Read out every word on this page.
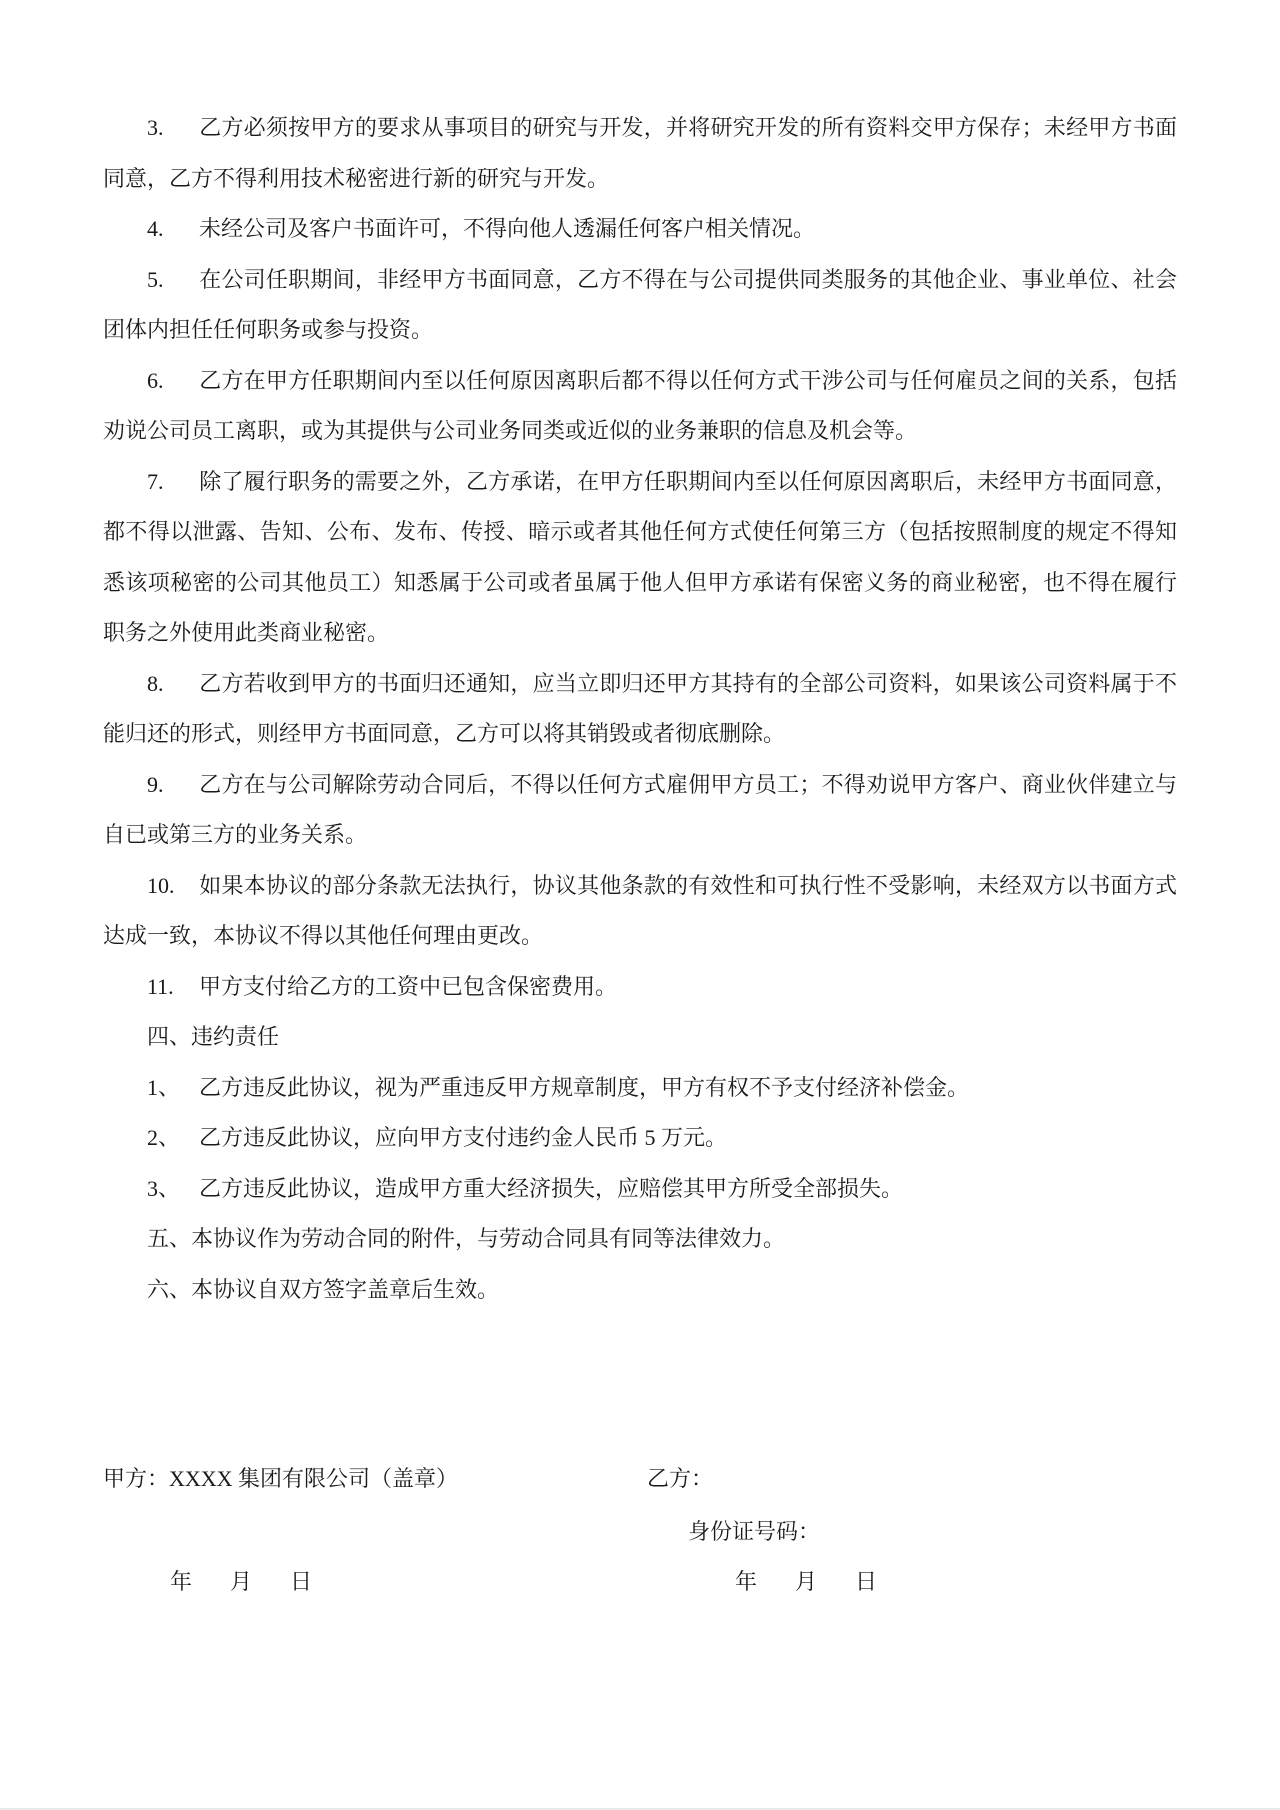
3. 乙方必须按甲方的要求从事项目的研究与开发，并将研究开发的所有资料交甲方保存；未经甲方书面同意，乙方不得利用技术秘密进行新的研究与开发。

4. 未经公司及客户书面许可，不得向他人透漏任何客户相关情况。

5. 在公司任职期间，非经甲方书面同意，乙方不得在与公司提供同类服务的其他企业、事业单位、社会团体内担任任何职务或参与投资。

6. 乙方在甲方任职期间内至以任何原因离职后都不得以任何方式干涉公司与任何雇员之间的关系，包括劝说公司员工离职，或为其提供与公司业务同类或近似的业务兼职的信息及机会等。

7. 除了履行职务的需要之外，乙方承诺，在甲方任职期间内至以任何原因离职后，未经甲方书面同意，都不得以泄露、告知、公布、发布、传授、暗示或者其他任何方式使任何第三方（包括按照制度的规定不得知悉该项秘密的公司其他员工）知悉属于公司或者虽属于他人但甲方承诺有保密义务的商业秘密，也不得在履行职务之外使用此类商业秘密。

8. 乙方若收到甲方的书面归还通知，应当立即归还甲方其持有的全部公司资料，如果该公司资料属于不能归还的形式，则经甲方书面同意，乙方可以将其销毁或者彻底删除。

9. 乙方在与公司解除劳动合同后，不得以任何方式雇佣甲方员工；不得劝说甲方客户、商业伙伴建立与自已或第三方的业务关系。

10. 如果本协议的部分条款无法执行，协议其他条款的有效性和可执行性不受影响，未经双方以书面方式达成一致，本协议不得以其他任何理由更改。

11. 甲方支付给乙方的工资中已包含保密费用。

四、违约责任

1、 乙方违反此协议，视为严重违反甲方规章制度，甲方有权不予支付经济补偿金。

2、 乙方违反此协议，应向甲方支付违约金人民币 5 万元。

3、 乙方违反此协议，造成甲方重大经济损失，应赔偿其甲方所受全部损失。

五、本协议作为劳动合同的附件，与劳动合同具有同等法律效力。

六、本协议自双方签字盖章后生效。

甲方：XXXX 集团有限公司（盖章）	乙方：
身份证号码：
年　月　日	年　月　日
